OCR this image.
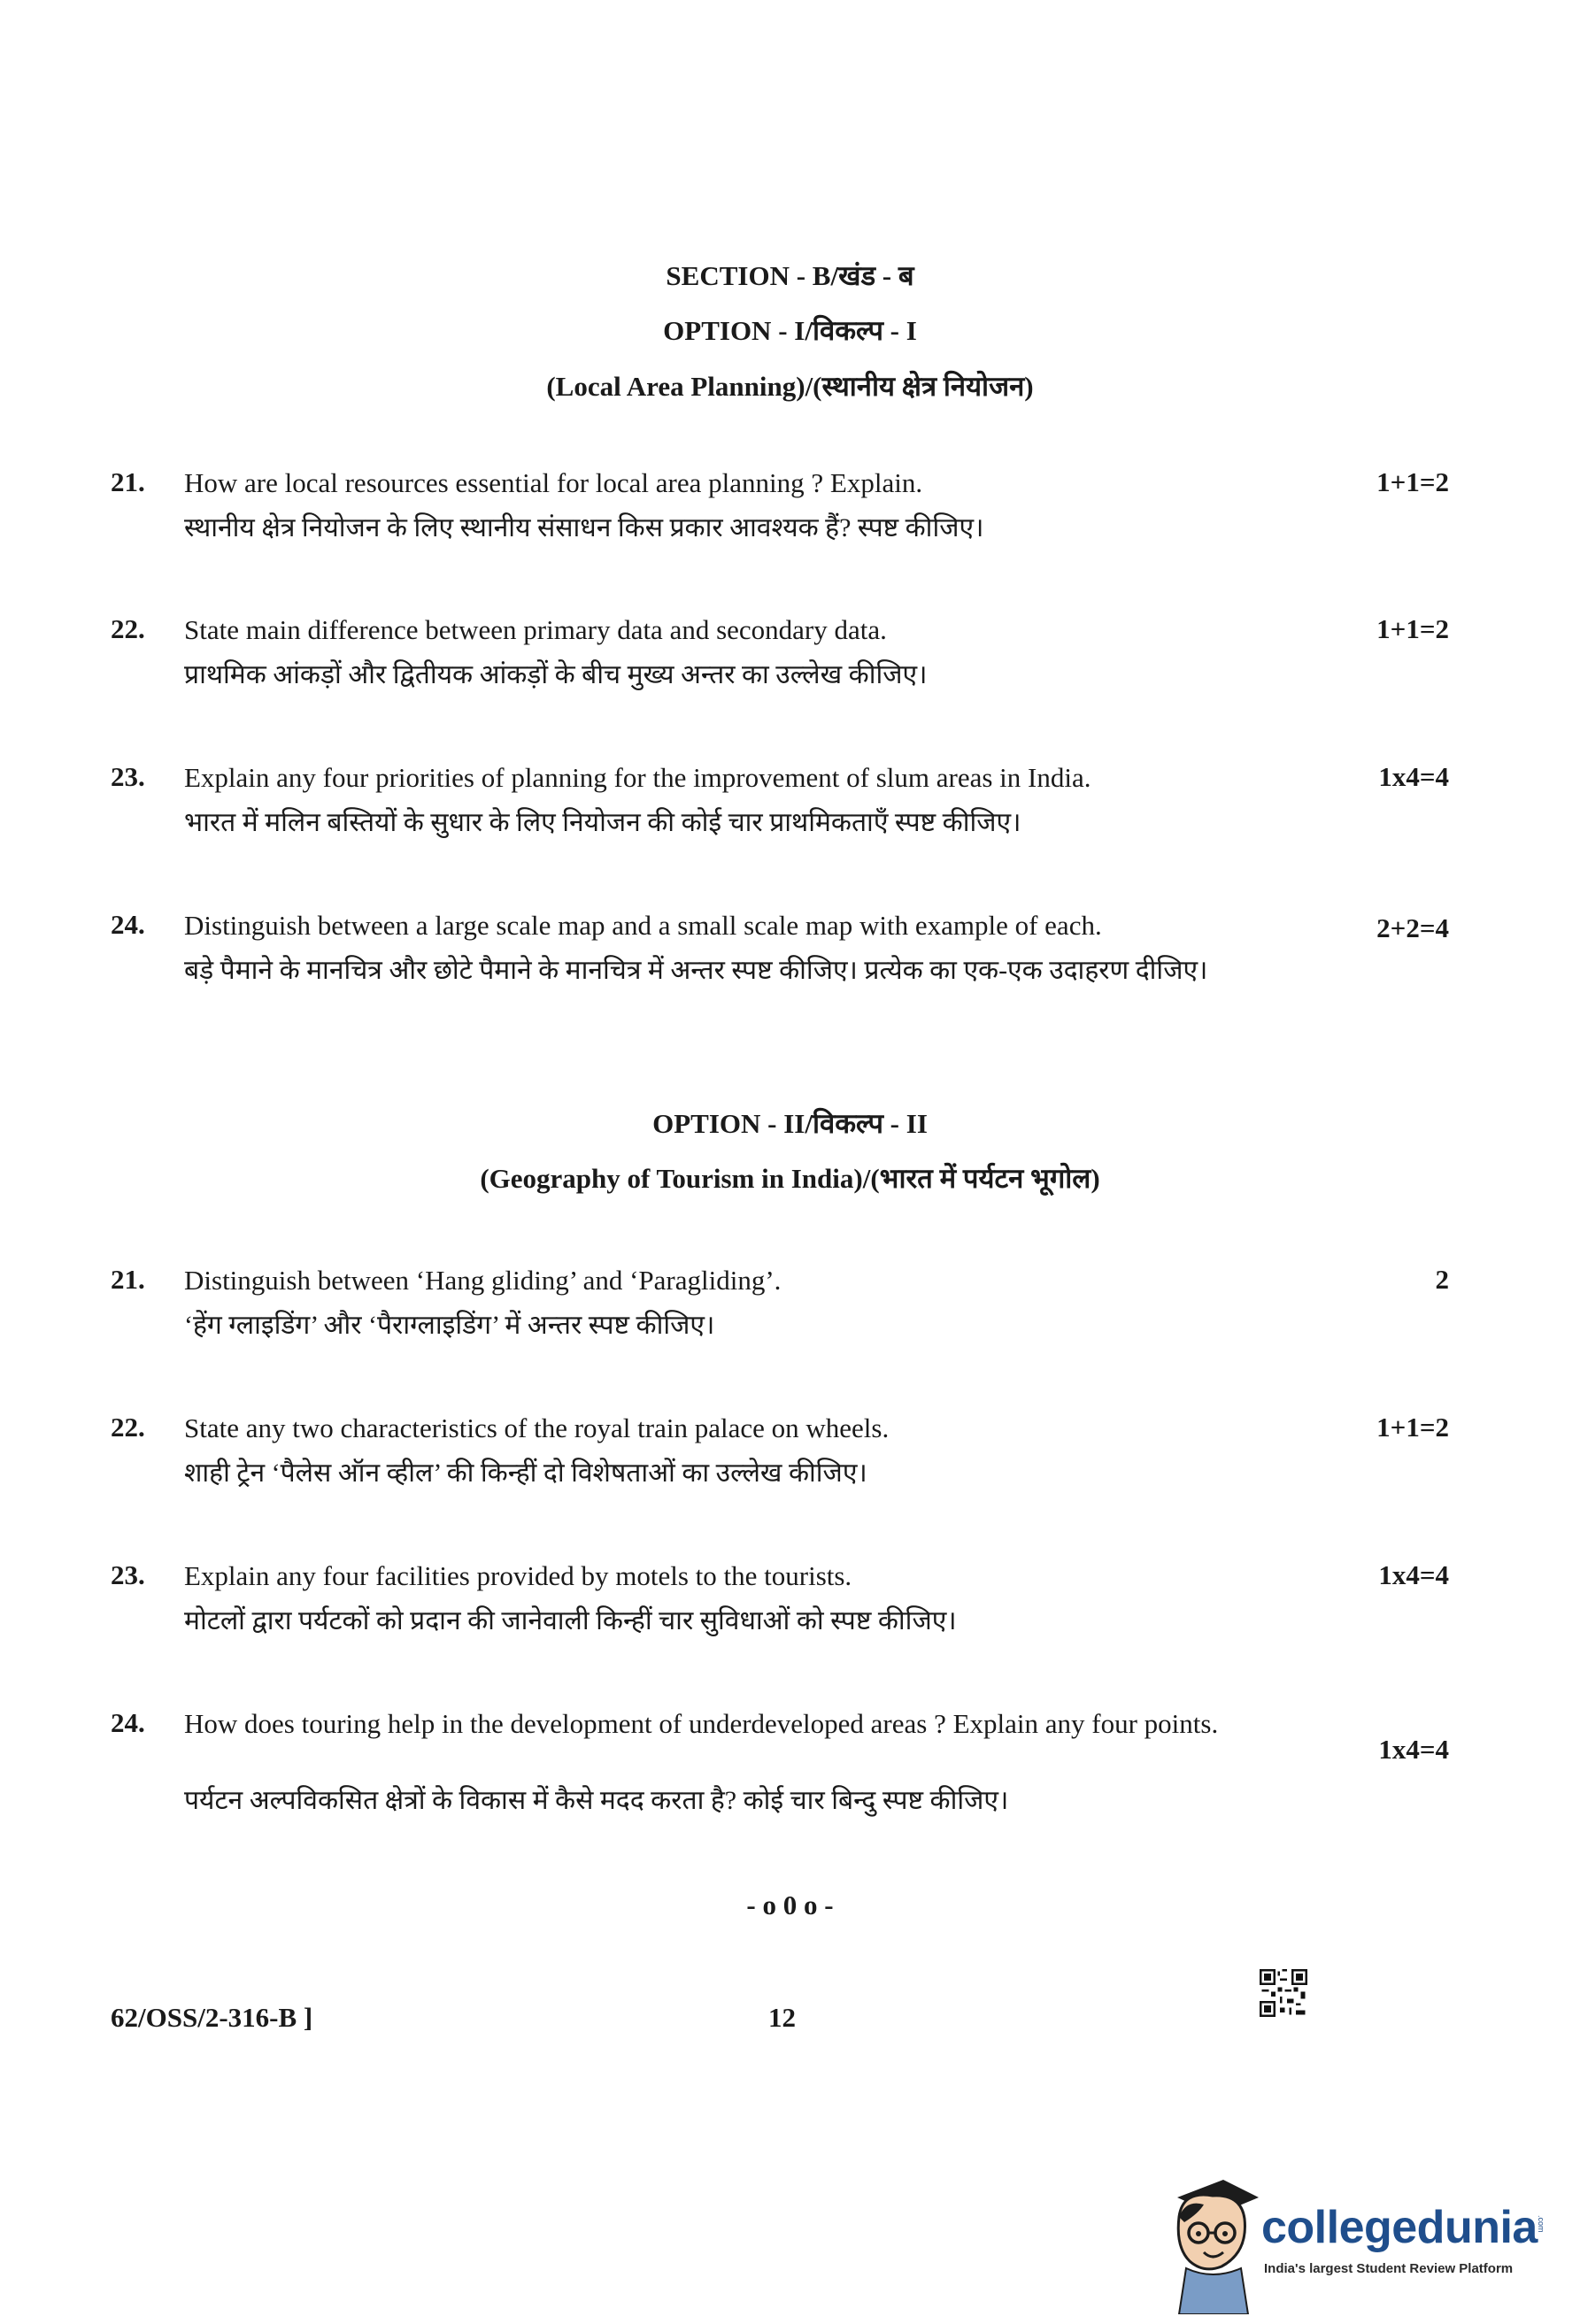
SECTION - B/खंड - ब
OPTION - I/विकल्प - I
(Local Area Planning)/(स्थानीय क्षेत्र नियोजन)
21. How are local resources essential for local area planning ? Explain.
स्थानीय क्षेत्र नियोजन के लिए स्थानीय संसाधन किस प्रकार आवश्यक हैं? स्पष्ट कीजिए।
1+1=2
22. State main difference between primary data and secondary data.
प्राथमिक आंकड़ों और द्वितीयक आंकड़ों के बीच मुख्य अन्तर का उल्लेख कीजिए।
1+1=2
23. Explain any four priorities of planning for the improvement of slum areas in India.
भारत में मलिन बस्तियों के सुधार के लिए नियोजन की कोई चार प्राथमिकताएँ स्पष्ट कीजिए।
1x4=4
24. Distinguish between a large scale map and a small scale map with example of each.
बड़े पैमाने के मानचित्र और छोटे पैमाने के मानचित्र में अन्तर स्पष्ट कीजिए। प्रत्येक का एक-एक उदाहरण दीजिए।
2+2=4
OPTION - II/विकल्प - II
(Geography of Tourism in India)/(भारत में पर्यटन भूगोल)
21. Distinguish between ‘Hang gliding’ and ‘Paragliding’.
‘हेंग ग्लाइडिंग’ और ‘पैराग्लाइडिंग’ में अन्तर स्पष्ट कीजिए।
2
22. State any two characteristics of the royal train palace on wheels.
शाही ट्रेन ‘पैलेस ऑन व्हील’ की किन्हीं दो विशेषताओं का उल्लेख कीजिए।
1+1=2
23. Explain any four facilities provided by motels to the tourists.
मोटलों द्वारा पर्यटकों को प्रदान की जानेवाली किन्हीं चार सुविधाओं को स्पष्ट कीजिए।
1x4=4
24. How does touring help in the development of underdeveloped areas ? Explain any four points.
पर्यटन अल्पविकसित क्षेत्रों के विकास में कैसे मदद करता है? कोई चार बिन्दु स्पष्ट कीजिए।
1x4=4
- o 0 o -
62/OSS/2-316-B ]	12
collegedunia .com
India's largest Student Review Platform
